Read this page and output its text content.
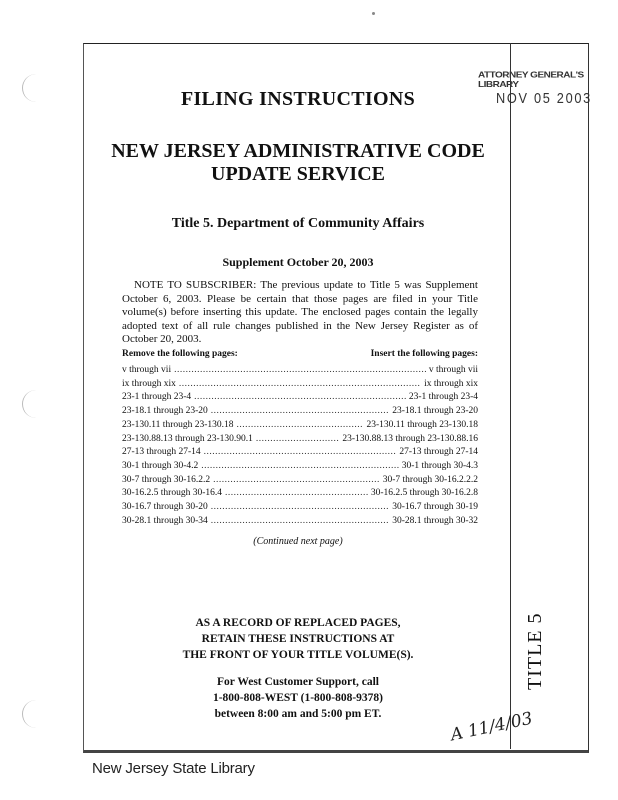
ATTORNEY GENERAL'S LIBRARY
NOV 05 2003
FILING INSTRUCTIONS
NEW JERSEY ADMINISTRATIVE CODE
UPDATE SERVICE
Title 5. Department of Community Affairs
Supplement October 20, 2003
NOTE TO SUBSCRIBER: The previous update to Title 5 was Supplement October 6, 2003. Please be certain that those pages are filed in your Title volume(s) before inserting this update. The enclosed pages contain the legally adopted text of all rule changes published in the New Jersey Register as of October 20, 2003.
Remove the following pages:	Insert the following pages:
v through vii .....	v through vii
ix through xix .....	ix through xix
23-1 through 23-4 .....	23-1 through 23-4
23-18.1 through 23-20 .....	23-18.1 through 23-20
23-130.11 through 23-130.18 .....	23-130.11 through 23-130.18
23-130.88.13 through 23-130.90.1 .....	23-130.88.13 through 23-130.88.16
27-13 through 27-14 .....	27-13 through 27-14
30-1 through 30-4.2 .....	30-1 through 30-4.3
30-7 through 30-16.2.2 .....	30-7 through 30-16.2.2.2
30-16.2.5 through 30-16.4 .....	30-16.2.5 through 30-16.2.8
30-16.7 through 30-20 .....	30-16.7 through 30-19
30-28.1 through 30-34 .....	30-28.1 through 30-32
(Continued next page)
AS A RECORD OF REPLACED PAGES,
RETAIN THESE INSTRUCTIONS AT
THE FRONT OF YOUR TITLE VOLUME(S).
For West Customer Support, call
1-800-808-WEST (1-800-808-9378)
between 8:00 am and 5:00 pm ET.
TITLE 5
A 11/4/03
New Jersey State Library
